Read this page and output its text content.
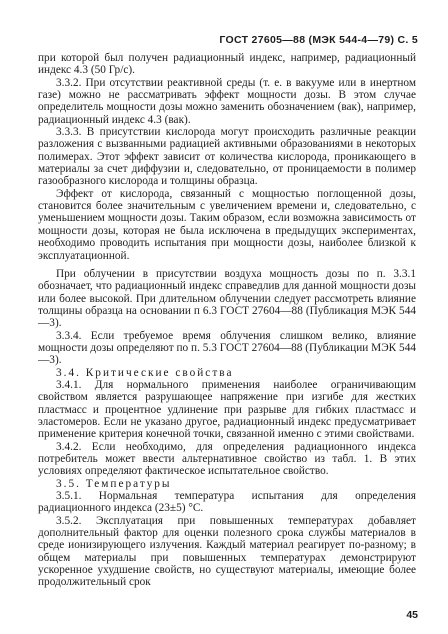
ГОСТ 27605—88 (МЭК 544-4—79) С. 5

при которой был получен радиационный индекс, например, радиационный индекс 4.3 (50 Гр/с).

3.3.2. При отсутствии реактивной среды (т. е. в вакууме или в инертном газе) можно не рассматривать эффект мощности дозы. В этом случае определитель мощности дозы можно заменить обозначением (вак), например, радиационный индекс 4.3 (вак).

3.3.3. В присутствии кислорода могут происходить различные реакции разложения с вызванными радиацией активными образованиями в некоторых полимерах. Этот эффект зависит от количества кислорода, проникающего в материалы за счет диффузии и, следовательно, от проницаемости в полимер газообразного кислорода и толщины образца.

Эффект от кислорода, связанный с мощностью поглощенной дозы, становится более значительным с увеличением времени и, следовательно, с уменьшением мощности дозы. Таким образом, если возможна зависимость от мощности дозы, которая не была исключена в предыдущих экспериментах, необходимо проводить испытания при мощности дозы, наиболее близкой к эксплуатационной.

При облучении в присутствии воздуха мощность дозы по п. 3.3.1 обозначает, что радиационный индекс справедлив для данной мощности дозы или более высокой. При длительном облучении следует рассмотреть влияние толщины образца на основании п 6.3 ГОСТ 27604—88 (Публикация МЭК 544—3).

3.3.4. Если требуемое время облучения слишком велико, влияние мощности дозы определяют по п. 5.3 ГОСТ 27604—88 (Публикации МЭК 544—3).

3.4. Критические свойства

3.4.1. Для нормального применения наиболее ограничивающим свойством является разрушающее напряжение при изгибе для жестких пластмасс и процентное удлинение при разрыве для гибких пластмасс и эластомеров. Если не указано другое, радиационный индекс предусматривает применение критерия конечной точки, связанной именно с этими свойствами.

3.4.2. Если необходимо, для определения радиационного индекса потребитель может ввести альтернативное свойство из табл. 1. В этих условиях определяют фактическое испытательное свойство.

3.5. Температуры

3.5.1. Нормальная температура испытания для определения радиационного индекса (23±5) °С.

3.5.2. Эксплуатация при повышенных температурах добавляет дополнительный фактор для оценки полезного срока службы материалов в среде ионизирующего излучения. Каждый материал реагирует по-разному; в общем материалы при повышенных температурах демонстрируют ускоренное ухудшение свойств, но существуют материалы, имеющие более продолжительный срок

45
